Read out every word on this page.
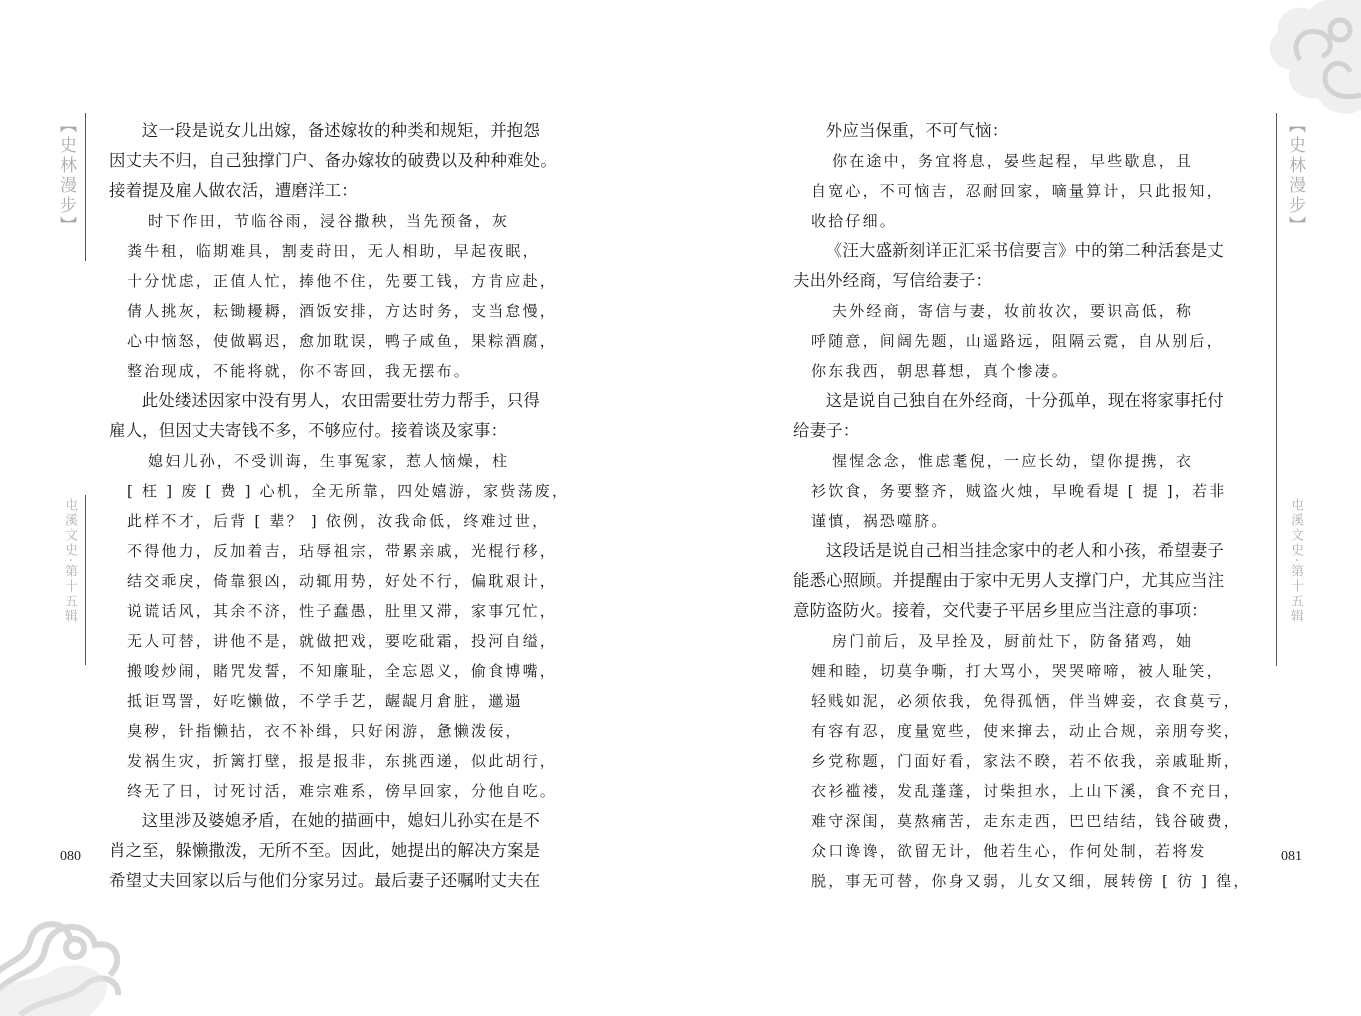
【史林漫步】
屯溪文史·第十五辑
080
这一段是说女儿出嫁，备述嫁妆的种类和规矩，并抱怨
因丈夫不归，自己独撑门户、备办嫁妆的破费以及种种难处。
接着提及雇人做农活，遭磨洋工：
时下作田，节临谷雨，浸谷撒秧，当先预备，灰
粪牛租，临期难具，割麦莳田，无人相助，早起夜眠，
十分忧虑，正值人忙，捧他不住，先要工钱，方肯应赴，
倩人挑灰，耘锄耰耨，酒饭安排，方达时务，支当怠慢，
心中恼怒，使做羁迟，愈加耽误，鸭子咸鱼，果粽酒腐，
整治现成，不能将就，你不寄回，我无摆布。
此处缕述因家中没有男人，农田需要壮劳力帮手，只得
雇人，但因丈夫寄钱不多，不够应付。接着谈及家事：
媳妇儿孙，不受训诲，生事冤家，惹人恼燥，柱
[ 枉 ] 废 [ 费 ] 心机，全无所靠，四处嬉游，家赀荡废，
此样不才，后背 [ 辈？ ] 依例，汝我命低，终难过世，
不得他力，反加着吉，玷辱祖宗，带累亲戚，光棍行移，
结交乖戾，倚靠狠凶，动辄用势，好处不行，偏耽艰计，
说谎话风，其余不济，性子蠢愚，肚里又滞，家事冗忙，
无人可替，讲他不是，就做把戏，要吃砒霜，投河自缢，
搬唆炒闹，賭咒发誓，不知廉耻，全忘恩义，偷食博嘴，
抵讵骂詈，好吃懒做，不学手艺，龌龊月倉脏，邋遢
臭秽，针指懒拈，衣不补缉，只好闲游，惫懒泼佞，
发祸生灾，折篱打壁，报是报非，东挑西递，似此胡行，
终无了日，讨死讨活，难宗难系，傍早回家，分他自吃。
这里涉及婆媳矛盾，在她的描画中，媳妇儿孙实在是不
肖之至，躲懒撒泼，无所不至。因此，她提出的解决方案是
希望丈夫回家以后与他们分家另过。最后妻子还嘱咐丈夫在
【史林漫步】
屯溪文史·第十五辑
081
外应当保重，不可气恼：
你在途中，务宜将息，晏些起程，早些歇息，且
自宽心，不可恼吉，忍耐回家，嘀量算计，只此报知，
收拾仔细。
《汪大盛新刻详正汇采书信要言》中的第二种活套是丈
夫出外经商，写信给妻子：
夫外经商，寄信与妻，妆前妆次，要识高低，称
呼随意，间阔先题，山遥路远，阻隔云霓，自从别后，
你东我西，朝思暮想，真个惨凄。
这是说自己独自在外经商，十分孤单，现在将家事托付
给妻子：
惺惺念念，惟虑耄倪，一应长幼，望你提携，衣
衫饮食，务要整齐，贼盗火烛，早晚看堤 [ 提 ]，若非
谨慎，祸恐噬脐。
这段话是说自己相当挂念家中的老人和小孩，希望妻子
能悉心照顾。并提醒由于家中无男人支撑门户，尤其应当注
意防盗防火。接着，交代妻子平居乡里应当注意的事项：
房门前后，及早拴及，厨前灶下，防备猪鸡，妯
娌和睦，切莫争嘶，打大骂小，哭哭啼啼，被人耻笑，
轻贱如泥，必须依我，免得孤恓，伴当婢妾，衣食莫亏，
有容有忍，度量宽些，使来撺去，动止合规，亲朋夸奖，
乡党称题，门面好看，家法不睽，若不依我，亲戚耻斯，
衣衫褴褛，发乱蓬蓬，讨柴担水，上山下溪，食不充日，
难守深闺，莫熬痛苦，走东走西，巴巴结结，钱谷破费，
众口谗谗，欲留无计，他若生心，作何处制，若将发
脱，事无可替，你身又弱，儿女又细，展转傍 [ 彷 ] 徨，
